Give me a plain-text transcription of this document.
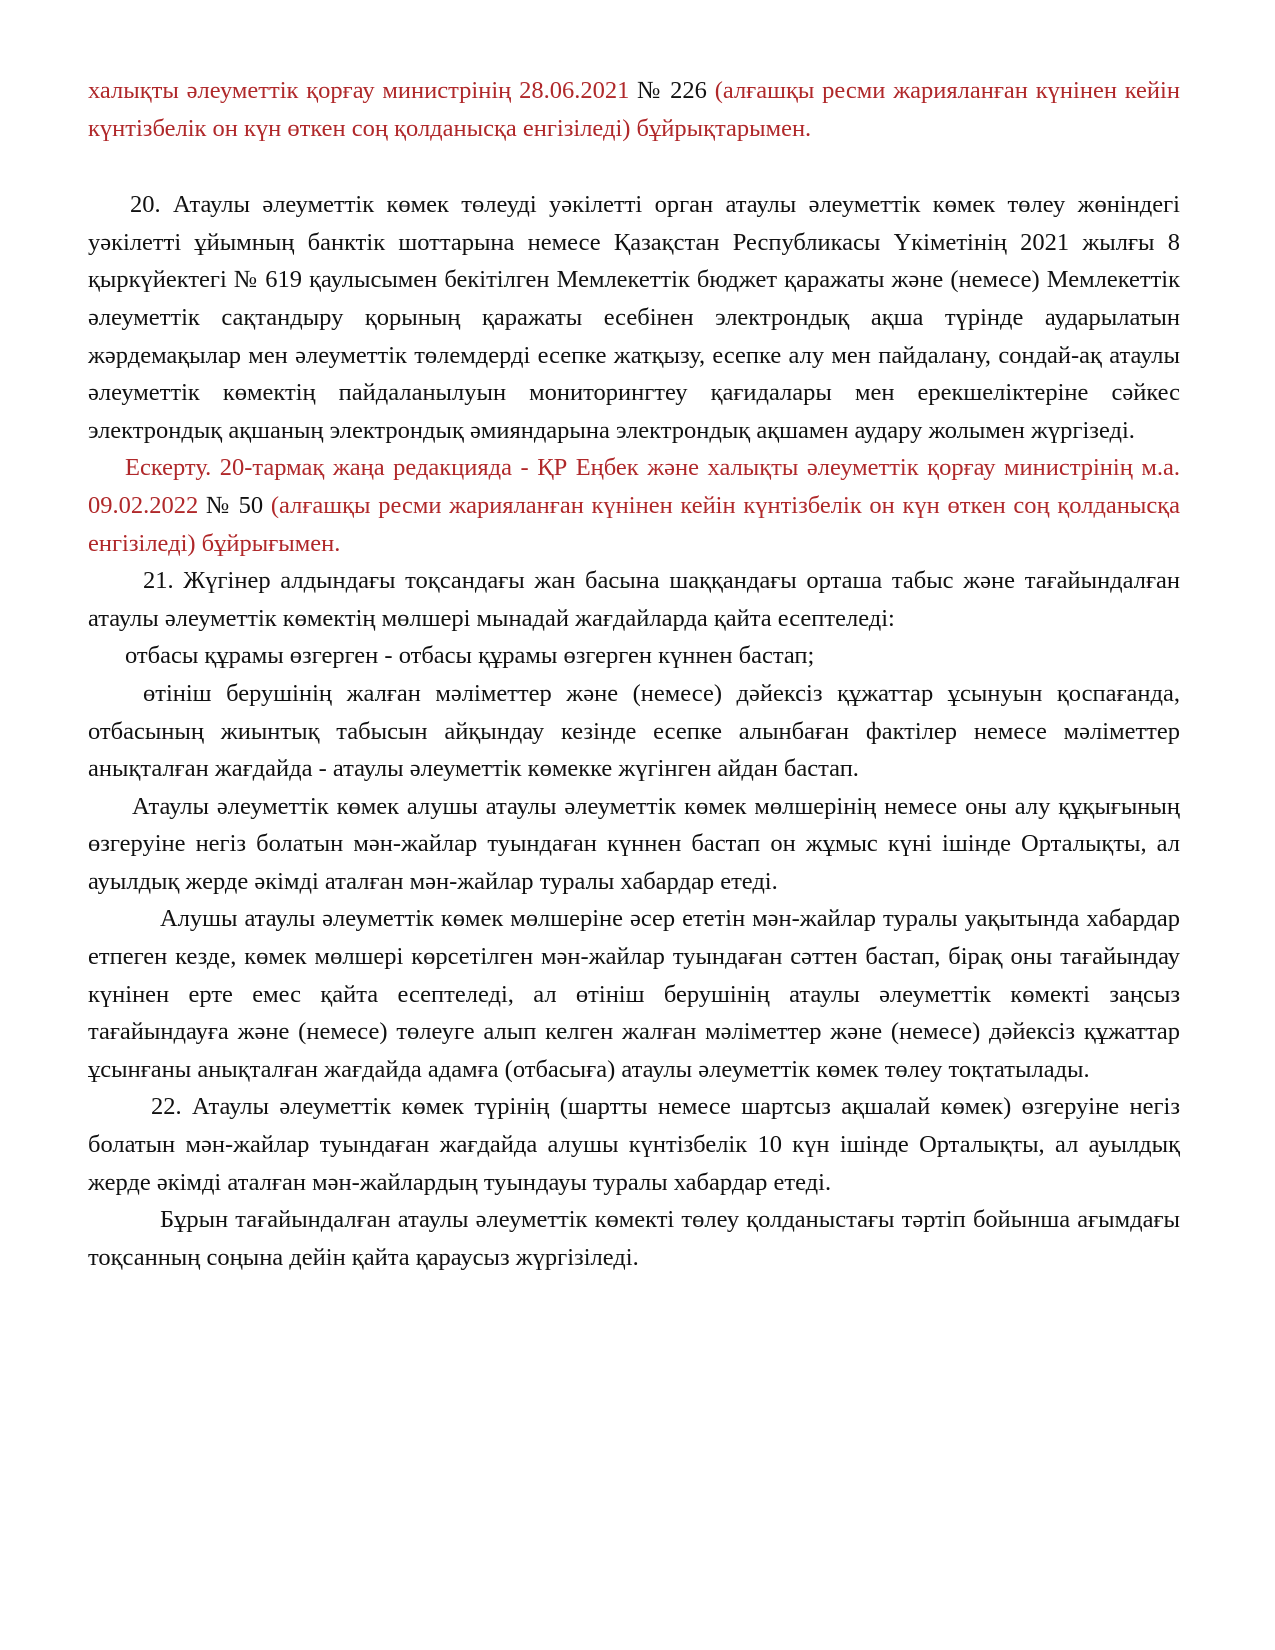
халықты әлеуметтік қорғау министрінің 28.06.2021 № 226 (алғашқы ресми жарияланған күнінен кейін күнтізбелік он күн өткен соң қолданысқа енгізіледі) бұйрықтарымен.

20. Атаулы әлеуметтік көмек төлеуді уәкілетті орган атаулы әлеуметтік көмек төлеу жөніндегі уәкілетті ұйымның банктік шоттарына немесе Қазақстан Республикасы Үкіметінің 2021 жылғы 8 қыркүйектегі № 619 қаулысымен бекітілген Мемлекеттік бюджет қаражаты және (немесе) Мемлекеттік әлеуметтік сақтандыру қорының қаражаты есебінен электрондық ақша түрінде аударылатын жәрдемақылар мен әлеуметтік төлемдерді есепке жатқызу, есепке алу мен пайдалану, сондай-ақ атаулы әлеуметтік көмектің пайдаланылуын мониторингтеу қағидалары мен ерекшеліктеріне сәйкес электрондық ақшаның электрондық әмияндарына электрондық ақшамен аудару жолымен жүргізеді.

Ескерту. 20-тармақ жаңа редакцияда - ҚР Еңбек және халықты әлеуметтік қорғау министрінің м.а. 09.02.2022 № 50 (алғашқы ресми жарияланған күнінен кейін күнтізбелік он күн өткен соң қолданысқа енгізіледі) бұйрығымен.

21. Жүгінер алдындағы тоқсандағы жан басына шаққандағы орташа табыс және тағайындалған атаулы әлеуметтік көмектің мөлшері мынадай жағдайларда қайта есептеледі:

отбасы құрамы өзгерген - отбасы құрамы өзгерген күннен бастап;

өтініш берушінің жалған мәліметтер және (немесе) дәйексіз құжаттар ұсынуын қоспағанда, отбасының жиынтық табысын айқындау кезінде есепке алынбаған фактілер немесе мәліметтер анықталған жағдайда - атаулы әлеуметтік көмекке жүгінген айдан бастап.

Атаулы әлеуметтік көмек алушы атаулы әлеуметтік көмек мөлшерінің немесе оны алу құқығының өзгеруіне негіз болатын мән-жайлар туындаған күннен бастап он жұмыс күні ішінде Орталықты, ал ауылдық жерде әкімді аталған мән-жайлар туралы хабардар етеді.

Алушы атаулы әлеуметтік көмек мөлшеріне әсер ететін мән-жайлар туралы уақытында хабардар етпеген кезде, көмек мөлшері көрсетілген мән-жайлар туындаған сәттен бастап, бірақ оны тағайындау күнінен ерте емес қайта есептеледі, ал өтініш берушінің атаулы әлеуметтік көмекті заңсыз тағайындауға және (немесе) төлеуге алып келген жалған мәліметтер және (немесе) дәйексіз құжаттар ұсынғаны анықталған жағдайда адамға (отбасыға) атаулы әлеуметтік көмек төлеу тоқтатылады.

22. Атаулы әлеуметтік көмек түрінің (шартты немесе шартсыз ақшалай көмек) өзгеруіне негіз болатын мән-жайлар туындаған жағдайда алушы күнтізбелік 10 күн ішінде Орталықты, ал ауылдық жерде әкімді аталған мән-жайлардың туындауы туралы хабардар етеді.

Бұрын тағайындалған атаулы әлеуметтік көмекті төлеу қолданыстағы тәртіп бойынша ағымдағы тоқсанның соңына дейін қайта қараусыз жүргізіледі.
